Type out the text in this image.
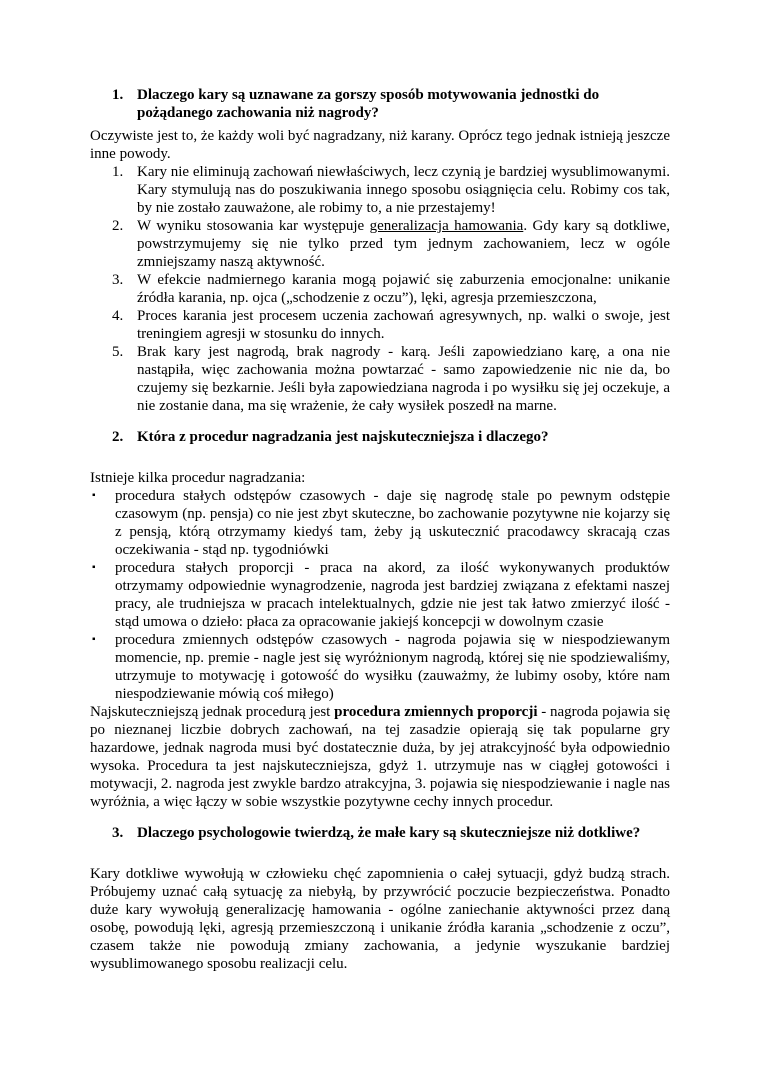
1. Dlaczego kary są uznawane za gorszy sposób motywowania jednostki do pożądanego zachowania niż nagrody?

Oczywiste jest to, że każdy woli być nagradzany, niż karany. Oprócz tego jednak istnieją jeszcze inne powody.

1. Kary nie eliminują zachowań niewłaściwych, lecz czynią je bardziej wysublimowanymi. Kary stymulują nas do poszukiwania innego sposobu osiągnięcia celu. Robimy cos tak, by nie zostało zauważone, ale robimy to, a nie przestajemy!
2. W wyniku stosowania kar występuje generalizacja hamowania. Gdy kary są dotkliwe, powstrzymujemy się nie tylko przed tym jednym zachowaniem, lecz w ogóle zmniejszamy naszą aktywność.
3. W efekcie nadmiernego karania mogą pojawić się zaburzenia emocjonalne: unikanie źródła karania, np. ojca („schodzenie z oczu”), lęki, agresja przemieszczona,
4. Proces karania jest procesem uczenia zachowań agresywnych, np. walki o swoje, jest treningiem agresji w stosunku do innych.
5. Brak kary jest nagrodą, brak nagrody - karą. Jeśli zapowiedziano karę, a ona nie nastąpiła, więc zachowania można powtarzać - samo zapowiedzenie nic nie da, bo czujemy się bezkarnie. Jeśli była zapowiedziana nagroda i po wysiłku się jej oczekuje, a nie zostanie dana, ma się wrażenie, że cały wysiłek poszedł na marne.
2. Która z procedur nagradzania jest najskuteczniejsza i dlaczego?

Istnieje kilka procedur nagradzania:

▪ procedura stałych odstępów czasowych - daje się nagrodę stale po pewnym odstępie czasowym (np. pensja) co nie jest zbyt skuteczne, bo zachowanie pozytywne nie kojarzy się z pensją, którą otrzymamy kiedyś tam, żeby ją uskutecznić pracodawcy skracają czas oczekiwania - stąd np. tygodniówki
▪ procedura stałych proporcji - praca na akord, za ilość wykonywanych produktów otrzymamy odpowiednie wynagrodzenie, nagroda jest bardziej związana z efektami naszej pracy, ale trudniejsza w pracach intelektualnych, gdzie nie jest tak łatwo zmierzyć ilość - stąd umowa o dzieło: płaca za opracowanie jakiejś koncepcji w dowolnym czasie
▪ procedura zmiennych odstępów czasowych - nagroda pojawia się w niespodziewanym momencie, np. premie - nagle jest się wyróżnionym nagrodą, której się nie spodziewaliśmy, utrzymuje to motywację i gotowość do wysiłku (zauważmy, że lubimy osoby, które nam niespodziewanie mówią coś miłego)

Najskuteczniejszą jednak procedurą jest procedura zmiennych proporcji - nagroda pojawia się po nieznanej liczbie dobrych zachowań, na tej zasadzie opierają się tak popularne gry hazardowe, jednak nagroda musi być dostatecznie duża, by jej atrakcyjność była odpowiednio wysoka. Procedura ta jest najskuteczniejsza, gdyż 1. utrzymuje nas w ciągłej gotowości i motywacji, 2. nagroda jest zwykle bardzo atrakcyjna, 3. pojawia się niespodziewanie i nagle nas wyróżnia, a więc łączy w sobie wszystkie pozytywne cechy innych procedur.

3. Dlaczego psychologowie twierdzą, że małe kary są skuteczniejsze niż dotkliwe?

Kary dotkliwe wywołują w człowieku chęć zapomnienia o całej sytuacji, gdyż budzą strach. Próbujemy uznać całą sytuację za niebyłą, by przywrócić poczucie bezpieczeństwa. Ponadto duże kary wywołują generalizację hamowania - ogólne zaniechanie aktywności przez daną osobę, powodują lęki, agresją przemieszczoną i unikanie źródła karania „schodzenie z oczu”, czasem także nie powodują zmiany zachowania, a jedynie wyszukanie bardziej wysublimowanego sposobu realizacji celu.
